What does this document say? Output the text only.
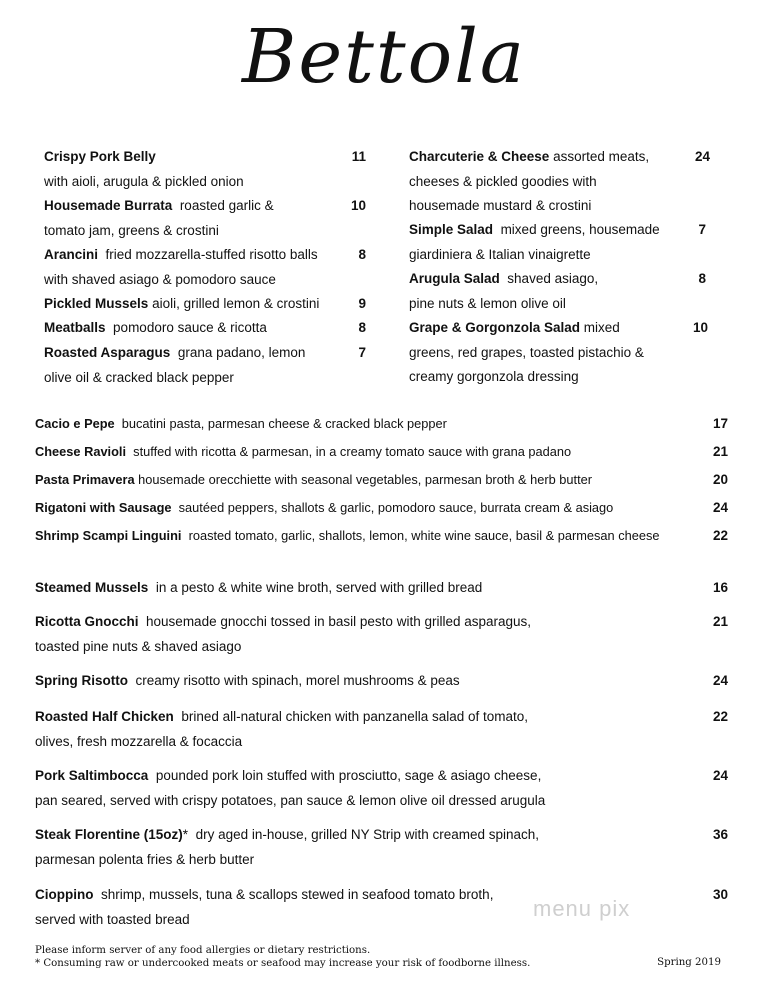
Bettola
Crispy Pork Belly
with aioli, arugula & pickled onion
11
Housemade Burrata roasted garlic &
tomato jam, greens & crostini
10
Arancini fried mozzarella-stuffed risotto balls
with shaved asiago & pomodoro sauce
8
Pickled Mussels aioli, grilled lemon & crostini	9
Meatballs pomodoro sauce & ricotta	8
Roasted Asparagus grana padano, lemon
olive oil & cracked black pepper
7
Charcuterie & Cheese assorted meats,
cheeses & pickled goodies with
housemade mustard & crostini
24
Simple Salad mixed greens, housemade
giardiniera & Italian vinaigrette
7
Arugula Salad shaved asiago,
pine nuts & lemon olive oil
8
Grape & Gorgonzola Salad mixed
greens, red grapes, toasted pistachio &
creamy gorgonzola dressing
10
Cacio e Pepe bucatini pasta, parmesan cheese & cracked black pepper	17
Cheese Ravioli stuffed with ricotta & parmesan, in a creamy tomato sauce with grana padano	21
Pasta Primavera housemade orecchiette with seasonal vegetables, parmesan broth & herb butter	20
Rigatoni with Sausage sautéed peppers, shallots & garlic, pomodoro sauce, burrata cream & asiago	24
Shrimp Scampi Linguini roasted tomato, garlic, shallots, lemon, white wine sauce, basil & parmesan cheese	22
Steamed Mussels in a pesto & white wine broth, served with grilled bread	16
Ricotta Gnocchi housemade gnocchi tossed in basil pesto with grilled asparagus,
toasted pine nuts & shaved asiago
21
Spring Risotto creamy risotto with spinach, morel mushrooms & peas	24
Roasted Half Chicken brined all-natural chicken with panzanella salad of tomato,
olives, fresh mozzarella & focaccia
22
Pork Saltimbocca pounded pork loin stuffed with prosciutto, sage & asiago cheese,
pan seared, served with crispy potatoes, pan sauce & lemon olive oil dressed arugula
24
Steak Florentine (15oz)* dry aged in-house, grilled NY Strip with creamed spinach,
parmesan polenta fries & herb butter
36
Cioppino shrimp, mussels, tuna & scallops stewed in seafood tomato broth,
served with toasted bread
30
menu pix
Please inform server of any food allergies or dietary restrictions.
* Consuming raw or undercooked meats or seafood may increase your risk of foodborne illness.	Spring 2019
